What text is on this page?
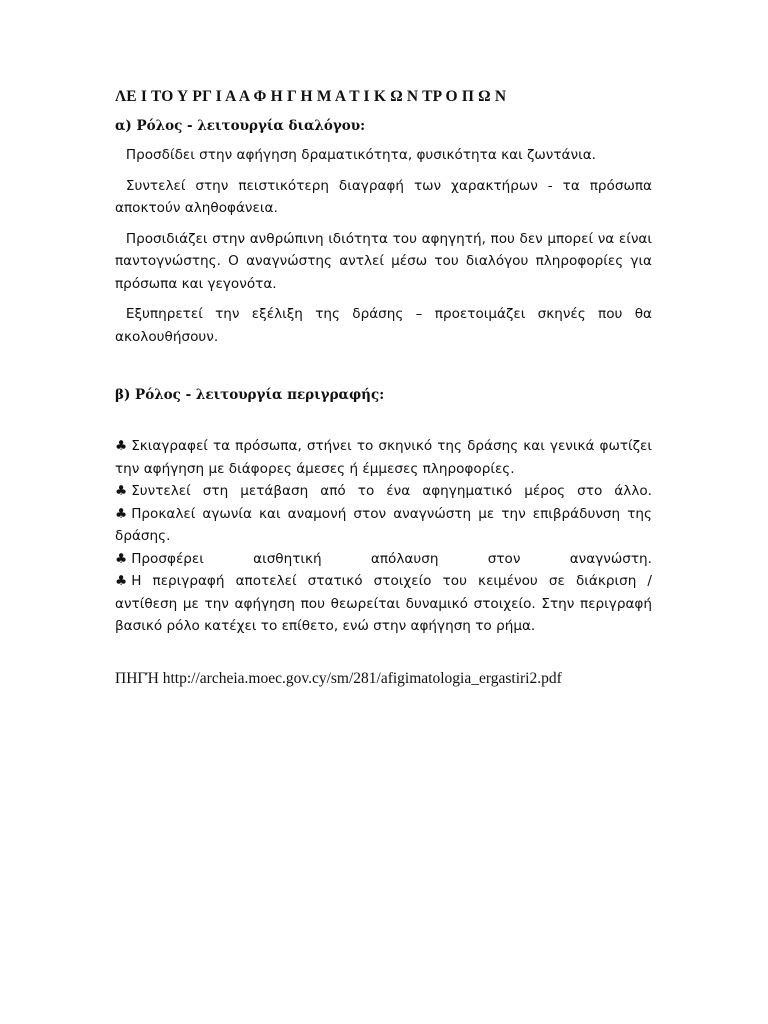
ΛΕ Ι ΤΟ Υ ΡΓ Ι Α Α Φ Η Γ Η Μ Α Τ Ι Κ Ω Ν ΤΡ Ο Π Ω Ν

α) Ρόλος - λειτουργία διαλόγου:

Προσδίδει στην αφήγηση δραματικότητα, φυσικότητα και ζωντάνια.

Συντελεί στην πειστικότερη διαγραφή των χαρακτήρων - τα πρόσωπα αποκτούν αληθοφάνεια.

Προσιδιάζει στην ανθρώπινη ιδιότητα του αφηγητή, που δεν μπορεί να είναι παντογνώστης. Ο αναγνώστης αντλεί μέσω του διαλόγου πληροφορίες για πρόσωπα και γεγονότα.

Εξυπηρετεί την εξέλιξη της δράσης – προετοιμάζει σκηνές που θα ακολουθήσουν.

β) Ρόλος - λειτουργία περιγραφής:

♣ Σκιαγραφεί τα πρόσωπα, στήνει το σκηνικό της δράσης και γενικά φωτίζει την αφήγηση με διάφορες άμεσες ή έμμεσες πληροφορίες.

♣ Συντελεί στη μετάβαση από το ένα αφηγηματικό μέρος στο άλλο.

♣ Προκαλεί αγωνία και αναμονή στον αναγνώστη με την επιβράδυνση της δράσης.

♣ Προσφέρει αισθητική απόλαυση στον αναγνώστη.

♣ Η περιγραφή αποτελεί στατικό στοιχείο του κειμένου σε διάκριση /αντίθεση με την αφήγηση που θεωρείται δυναμικό στοιχείο. Στην περιγραφή βασικό ρόλο κατέχει το επίθετο, ενώ στην αφήγηση το ρήμα.

ΠΗΓΉ http://archeia.moec.gov.cy/sm/281/afigimatologia_ergastiri2.pdf
